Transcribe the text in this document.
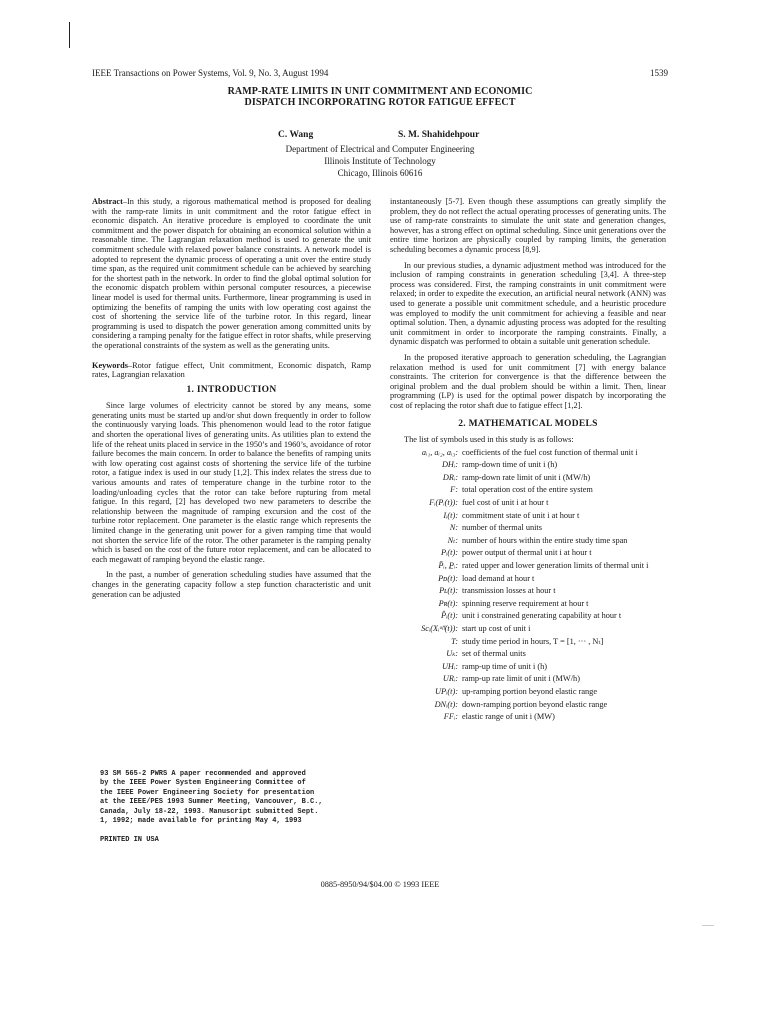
IEEE Transactions on Power Systems, Vol. 9, No. 3, August 1994	1539
RAMP-RATE LIMITS IN UNIT COMMITMENT AND ECONOMIC
DISPATCH INCORPORATING ROTOR FATIGUE EFFECT
C. Wang	S. M. Shahidehpour
Department of Electrical and Computer Engineering
Illinois Institute of Technology
Chicago, Illinois 60616

Abstract–In this study, a rigorous mathematical method is proposed for dealing with the ramp-rate limits in unit commitment and the rotor fatigue effect in economic dispatch. An iterative procedure is employed to coordinate the unit commitment and the power dispatch for obtaining an economical solution within a reasonable time. The Lagrangian relaxation method is used to generate the unit commitment schedule with relaxed power balance constraints. A network model is adopted to represent the dynamic process of operating a unit over the entire study time span, as the required unit commitment schedule can be achieved by searching for the shortest path in the network. In order to find the global optimal solution for the economic dispatch problem within personal computer resources, a piecewise linear model is used for thermal units. Furthermore, linear programming is used in optimizing the benefits of ramping the units with low operating cost against the cost of shortening the service life of the turbine rotor. In this regard, linear programming is used to dispatch the power generation among committed units by considering a ramping penalty for the fatigue effect in rotor shafts, while preserving the operational constraints of the system as well as the generating units.

Keywords–Rotor fatigue effect, Unit commitment, Economic dispatch, Ramp rates, Lagrangian relaxation

1. INTRODUCTION

Since large volumes of electricity cannot be stored by any means, some generating units must be started up and/or shut down frequently in order to follow the continuously varying loads. This phenomenon would lead to the rotor fatigue and shorten the operational lives of generating units. As utilities plan to extend the life of the reheat units placed in service in the 1950’s and 1960’s, avoidance of rotor failure becomes the main concern. In order to balance the benefits of ramping units with low operating cost against costs of shortening the service life of the turbine rotor, a fatigue index is used in our study [1,2]. This index relates the stress due to various amounts and rates of temperature change in the turbine rotor to the loading/unloading cycles that the rotor can take before rupturing from metal fatigue. In this regard, [2] has developed two new parameters to describe the relationship between the magnitude of ramping excursion and the cost of the turbine rotor replacement. One parameter is the elastic range which represents the limited change in the generating unit power for a given ramping time that would not shorten the service life of the rotor. The other parameter is the ramping penalty which is based on the cost of the future rotor replacement, and can be allocated to each megawatt of ramping beyond the elastic range.

In the past, a number of generation scheduling studies have assumed that the changes in the generating capacity follow a step function characteristic and unit generation can be adjusted

93 SM 565-2 PWRS A paper recommended and approved
by the IEEE Power System Engineering Committee of
the IEEE Power Engineering Society for presentation
at the IEEE/PES 1993 Summer Meeting, Vancouver, B.C.,
Canada, July 18-22, 1993. Manuscript submitted Sept.
1, 1992; made available for printing May 4, 1993
PRINTED IN USA

instantaneously [5-7]. Even though these assumptions can greatly simplify the problem, they do not reflect the actual operating processes of generating units. The use of ramp-rate constraints to simulate the unit state and generation changes, however, has a strong effect on optimal scheduling. Since unit generations over the entire time horizon are physically coupled by ramping limits, the generation scheduling becomes a dynamic process [8,9].

In our previous studies, a dynamic adjustment method was introduced for the inclusion of ramping constraints in generation scheduling [3,4]. A three-step process was considered. First, the ramping constraints in unit commitment were relaxed; in order to expedite the execution, an artificial neural network (ANN) was used to generate a possible unit commitment schedule, and a heuristic procedure was employed to modify the unit commitment for achieving a feasible and near optimal solution. Then, a dynamic adjusting process was adopted for the resulting unit commitment in order to incorporate the ramping constraints. Finally, a dynamic dispatch was performed to obtain a suitable unit generation schedule.

In the proposed iterative approach to generation scheduling, the Lagrangian relaxation method is used for unit commitment [7] with energy balance constraints. The criterion for convergence is that the difference between the original problem and the dual problem should be within a limit. Then, linear programming (LP) is used for the optimal power dispatch by incorporating the cost of replacing the rotor shaft due to fatigue effect [1,2].

2. MATHEMATICAL MODELS

The list of symbols used in this study is as follows:

aᵢ₁, aᵢ₂, aᵢ₃: coefficients of the fuel cost function of thermal unit i
DHᵢ: ramp-down time of unit i (h)
DRᵢ: ramp-down rate limit of unit i (MW/h)
F: total operation cost of the entire system
Fᵢ(Pᵢ(t)): fuel cost of unit i at hour t
Iᵢ(t): commitment state of unit i at hour t
N: number of thermal units
Nₜ: number of hours within the entire study time span
Pᵢ(t): power output of thermal unit i at hour t
P̄ᵢ, P̲ᵢ: rated upper and lower generation limits of thermal unit i
Pᴅ(t): load demand at hour t
Pʟ(t): transmission losses at hour t
Pʀ(t): spinning reserve requirement at hour t
P̂ᵢ(t): unit i constrained generating capability at hour t
Scᵢ(Xᵢᵒᶠᶠ(t)): start up cost of unit i
T: study time period in hours, T = [1, ··· , Nₜ]
Uₖ: set of thermal units
UHᵢ: ramp-up time of unit i (h)
URᵢ: ramp-up rate limit of unit i (MW/h)
UPᵢ(t): up-ramping portion beyond elastic range
DNᵢ(t): down-ramping portion beyond elastic range
FFᵢ: elastic range of unit i (MW)
0885-8950/94/$04.00 © 1993 IEEE
